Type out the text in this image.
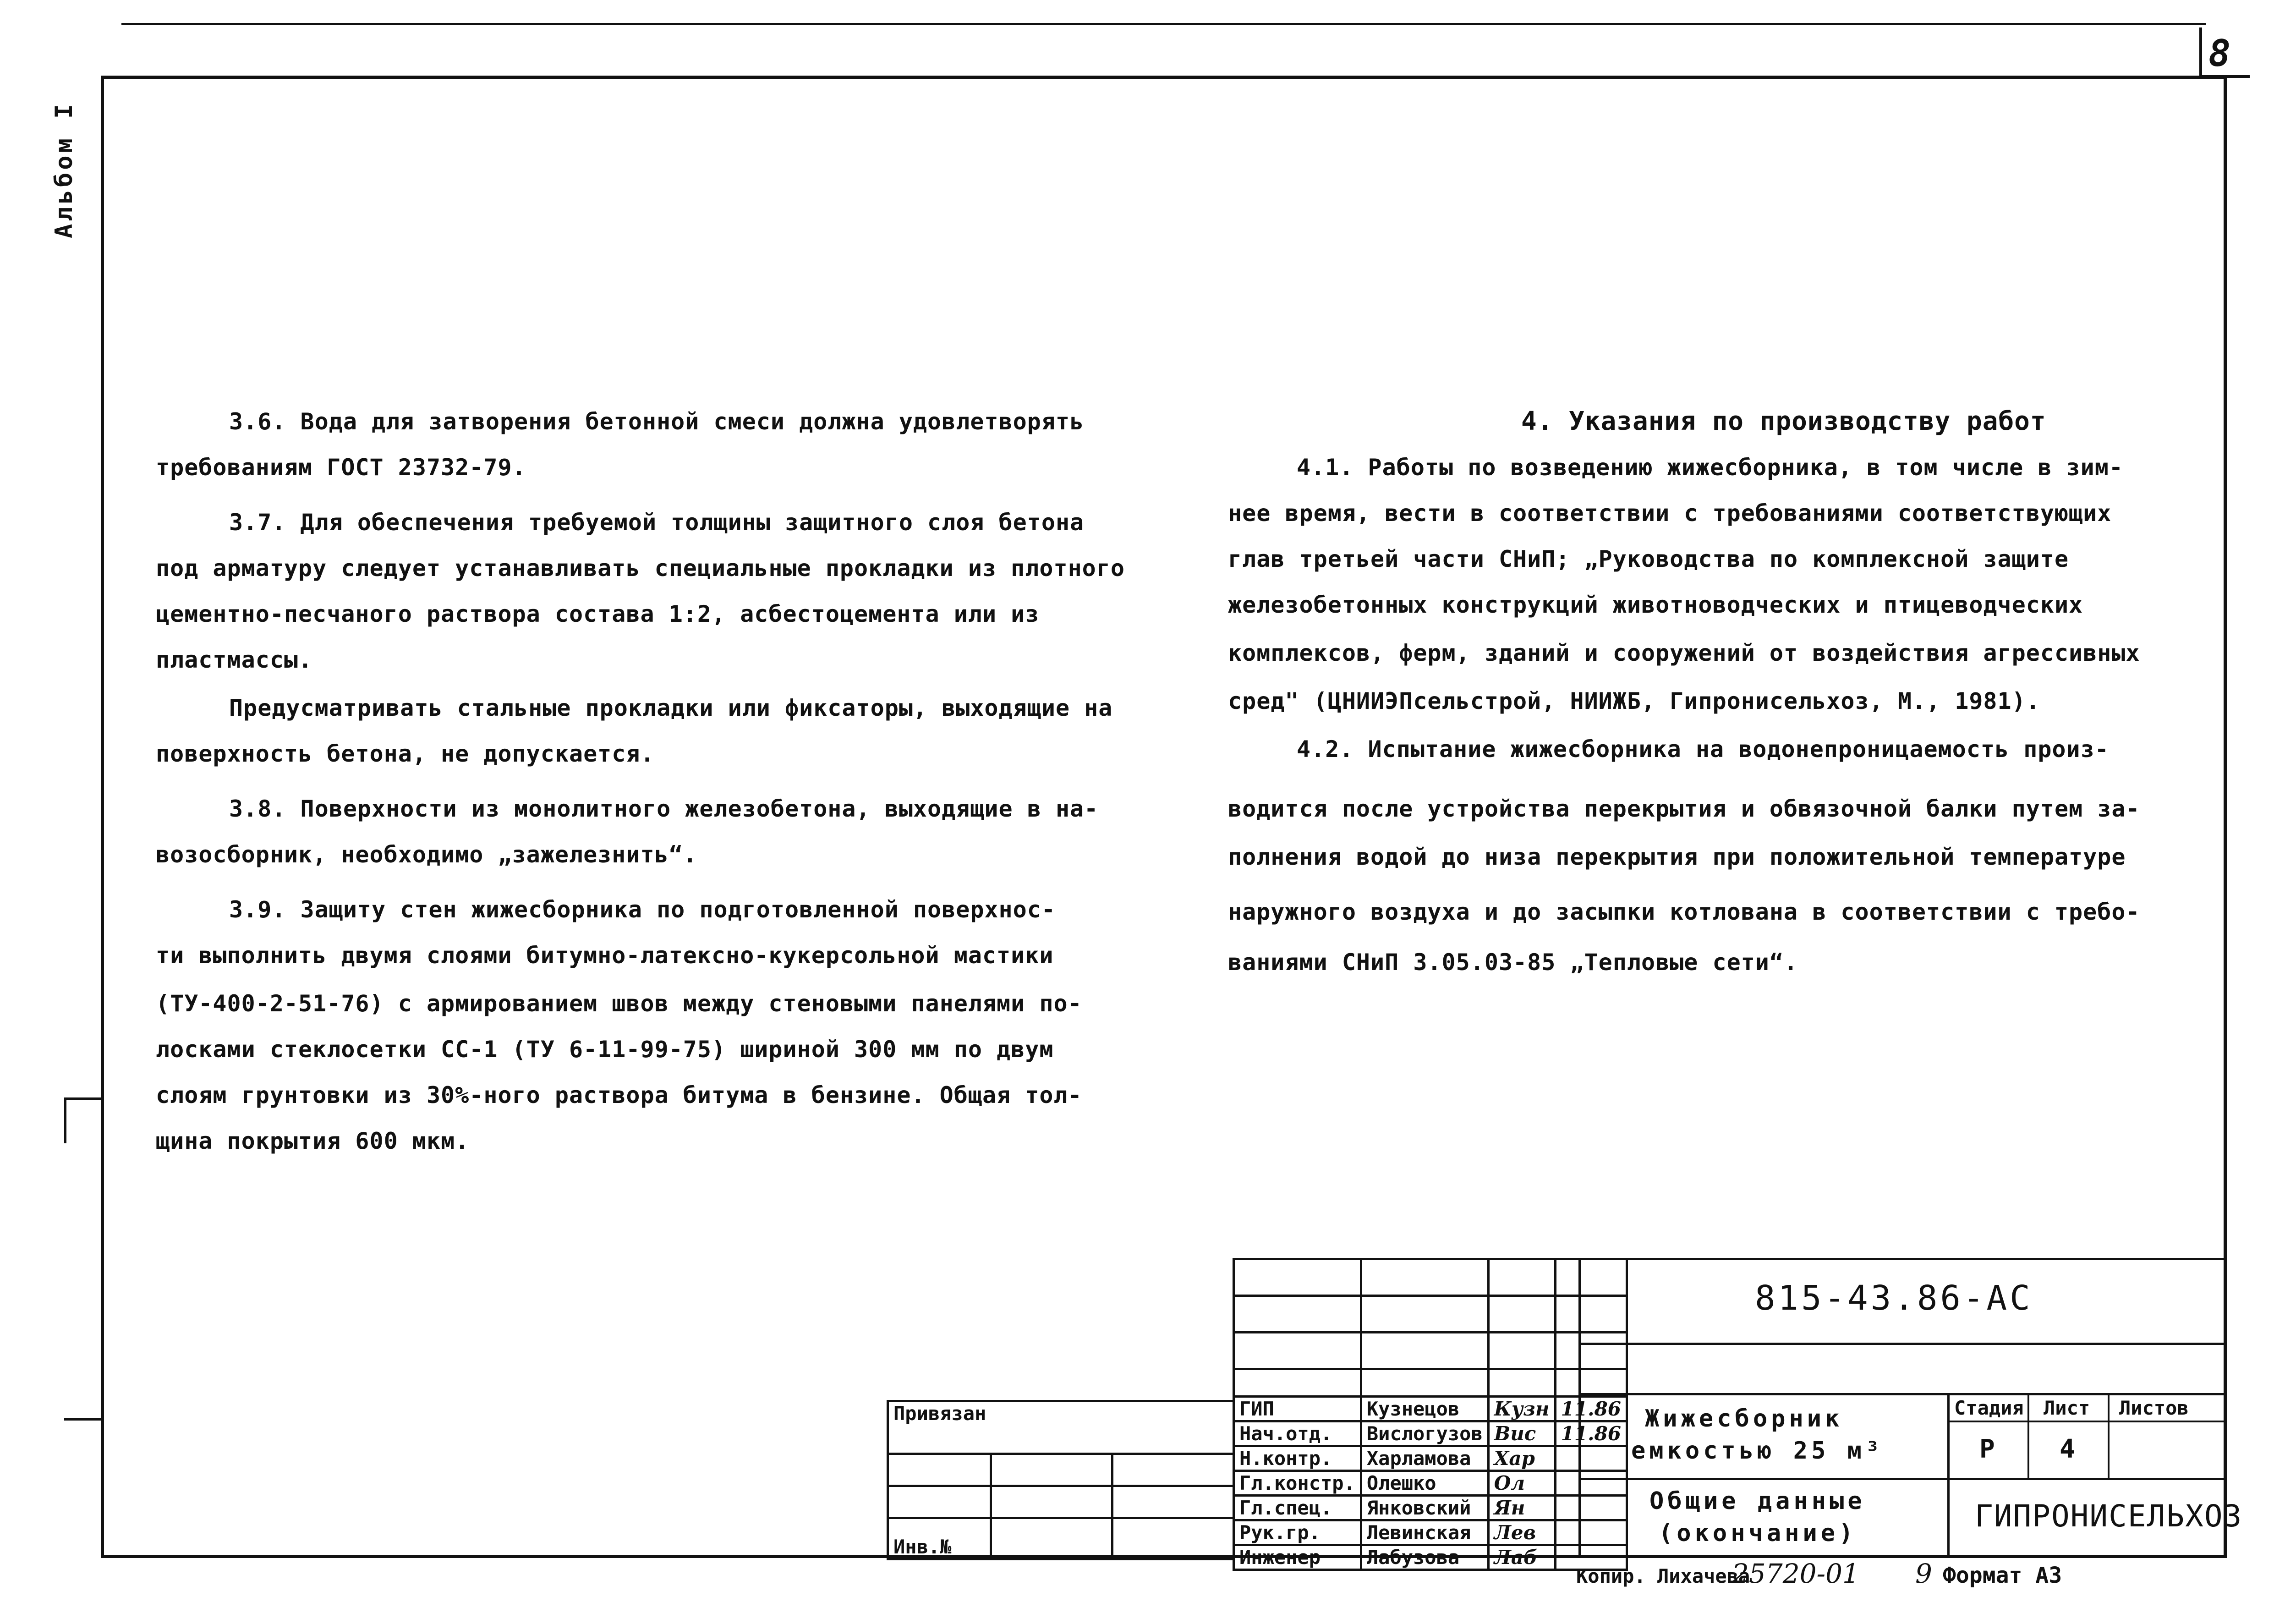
8
Альбом I
3.6. Вода для затворения бетонной смеси должна удовлетворять
требованиям ГОСТ 23732-79.
3.7. Для обеспечения требуемой толщины защитного слоя бетона
под арматуру следует устанавливать специальные прокладки из плотного
цементно-песчаного раствора состава 1:2, асбестоцемента или из
пластмассы.
Предусматривать стальные прокладки или фиксаторы, выходящие на
поверхность бетона, не допускается.
3.8. Поверхности из монолитного железобетона, выходящие в на-
возосборник, необходимо „зажелезнить“.
3.9. Защиту стен жижесборника по подготовленной поверхнос-
ти выполнить двумя слоями битумно-латексно-кукерсольной мастики
(ТУ-400-2-51-76) с армированием швов между стеновыми панелями по-
лосками стеклосетки СС-1 (ТУ 6-11-99-75) шириной 300 мм по двум
слоям грунтовки из 30%-ного раствора битума в бензине. Общая тол-
щина покрытия 600 мкм.
4. Указания по производству работ
4.1. Работы по возведению жижесборника, в том числе в зим-
нее время, вести в соответствии с требованиями соответствующих
глав третьей части СНиП; „Руководства по комплексной защите
железобетонных конструкций животноводческих и птицеводческих
комплексов, ферм, зданий и сооружений от воздействия агрессивных
сред" (ЦНИИЭПсельстрой, НИИЖБ, Гипронисельхоз, М., 1981).
4.2. Испытание жижесборника на водонепроницаемость произ-
водится после устройства перекрытия и обвязочной балки путем за-
полнения водой до низа перекрытия при положительной температуре
наружного воздуха и до засыпки котлована в соответствии с требо-
ваниями СНиП 3.05.03-85 „Тепловые сети“.
Привязан		

Инв.№		

ГИП	Кузнецов	Кузн	11.86
Нач.отд.	Вислогузов	Вис	11.86
Н.контр.	Харламова	Хар	
Гл.констр.	Олешко	Ол	
Гл.спец.	Янковский	Ян	
Рук.гр.	Левинская	Лев	
Инженер	Лабузова	Лаб	
815-43.86-АС
Жижесборник
емкостью 25 м³
Общие данные
(окончание)
Стадия Лист Листов
Р	4
ГИПРОНИСЕЛЬХОЗ
Копир. Лихачева
25720-01 9 Формат А3
